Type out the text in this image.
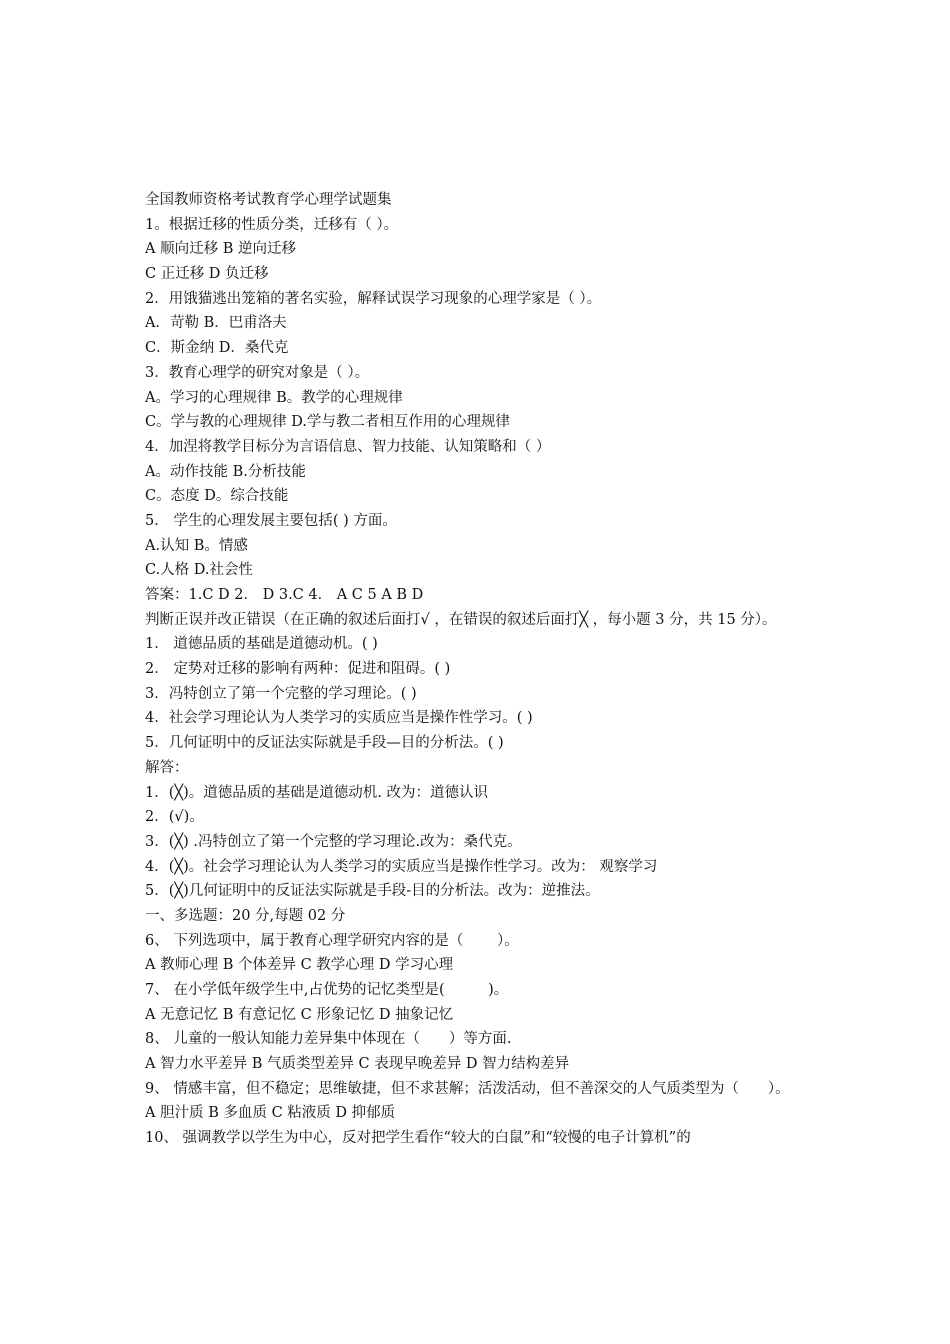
全国教师资格考试教育学心理学试题集
1。根据迁移的性质分类，迁移有（ ）。
A 顺向迁移 B 逆向迁移
C 正迁移 D 负迁移
2．用饿猫逃出笼箱的著名实验，解释试误学习现象的心理学家是（ ）。
A．苛勒 B．巴甫洛夫
C．斯金纳 D．桑代克
3．教育心理学的研究对象是（ ）。
A。学习的心理规律 B。教学的心理规律
C。学与教的心理规律 D.学与教二者相互作用的心理规律
4．加涅将教学目标分为言语信息、智力技能、认知策略和（ ）
A。动作技能 B.分析技能
C。态度 D。综合技能
5． 学生的心理发展主要包括( ) 方面。
A.认知 B。情感
C.人格 D.社会性
答案：1.C D 2． D 3.C 4． A C 5 A B D
判断正误并改正错误（在正确的叙述后面打√ ，在错误的叙述后面打╳ ，每小题 3 分，共 15 分）。
1． 道德品质的基础是道德动机。( )
2． 定势对迁移的影响有两种：促进和阻碍。( )
3．冯特创立了第一个完整的学习理论。( )
4．社会学习理论认为人类学习的实质应当是操作性学习。( )
5．几何证明中的反证法实际就是手段—目的分析法。( )
解答：
1．(╳)。道德品质的基础是道德动机. 改为：道德认识
2．(√)。
3．(╳) .冯特创立了第一个完整的学习理论.改为：桑代克。
4．(╳)。社会学习理论认为人类学习的实质应当是操作性学习。改为： 观察学习
5．(╳)几何证明中的反证法实际就是手段-目的分析法。改为：逆推法。
一、多选题：20 分,每题 02 分
6、 下列选项中，属于教育心理学研究内容的是（　　 ）。
A 教师心理 B 个体差异 C 教学心理 D 学习心理
7、 在小学低年级学生中,占优势的记忆类型是(　　　)。
A 无意记忆 B 有意记忆 C 形象记忆 D 抽象记忆
8、 儿童的一般认知能力差异集中体现在（　　）等方面.
A 智力水平差异 B 气质类型差异 C 表现早晚差异 D 智力结构差异
9、 情感丰富，但不稳定；思维敏捷，但不求甚解；活泼活动，但不善深交的人气质类型为（　　）。
A 胆汁质 B 多血质 C 粘液质 D 抑郁质
10、 强调教学以学生为中心，反对把学生看作“较大的白鼠”和“较慢的电子计算机”的
